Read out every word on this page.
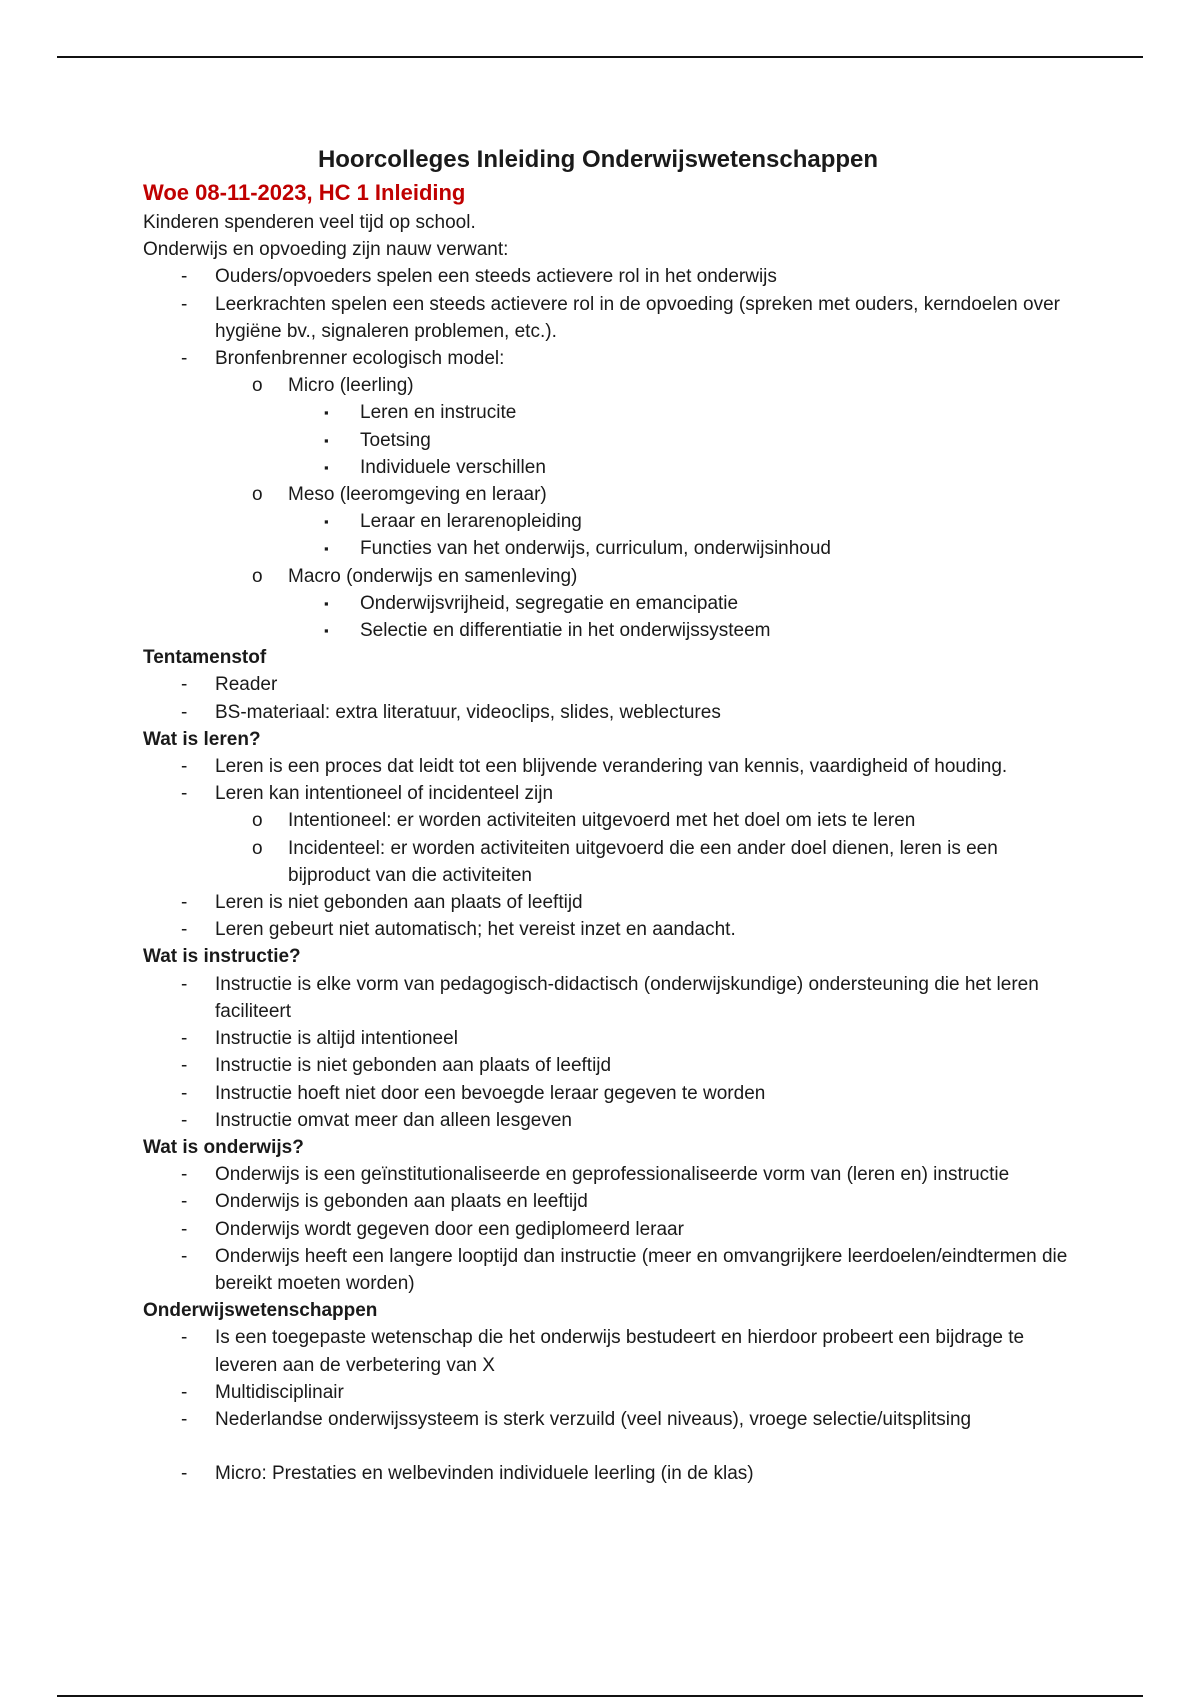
Hoorcolleges Inleiding Onderwijswetenschappen
Woe 08-11-2023, HC 1 Inleiding

Kinderen spenderen veel tijd op school.

Onderwijs en opvoeding zijn nauw verwant:

- Ouders/opvoeders spelen een steeds actievere rol in het onderwijs
- Leerkrachten spelen een steeds actievere rol in de opvoeding (spreken met ouders, kerndoelen over hygiëne bv., signaleren problemen, etc.).
- Bronfenbrenner ecologisch model:
o Micro (leerling)
▪ Leren en instrucite
▪ Toetsing
▪ Individuele verschillen
o Meso (leeromgeving en leraar)
▪ Leraar en lerarenopleiding
▪ Functies van het onderwijs, curriculum, onderwijsinhoud
o Macro (onderwijs en samenleving)
▪ Onderwijsvrijheid, segregatie en emancipatie
▪ Selectie en differentiatie in het onderwijssysteem
Tentamenstof
- Reader
- BS-materiaal: extra literatuur, videoclips, slides, weblectures
Wat is leren?
- Leren is een proces dat leidt tot een blijvende verandering van kennis, vaardigheid of houding.
- Leren kan intentioneel of incidenteel zijn
o Intentioneel: er worden activiteiten uitgevoerd met het doel om iets te leren
o Incidenteel: er worden activiteiten uitgevoerd die een ander doel dienen, leren is een bijproduct van die activiteiten
- Leren is niet gebonden aan plaats of leeftijd
- Leren gebeurt niet automatisch; het vereist inzet en aandacht.
Wat is instructie?
- Instructie is elke vorm van pedagogisch-didactisch (onderwijskundige) ondersteuning die het leren faciliteert
- Instructie is altijd intentioneel
- Instructie is niet gebonden aan plaats of leeftijd
- Instructie hoeft niet door een bevoegde leraar gegeven te worden
- Instructie omvat meer dan alleen lesgeven
Wat is onderwijs?
- Onderwijs is een geïnstitutionaliseerde en geprofessionaliseerde vorm van (leren en) instructie
- Onderwijs is gebonden aan plaats en leeftijd
- Onderwijs wordt gegeven door een gediplomeerd leraar
- Onderwijs heeft een langere looptijd dan instructie (meer en omvangrijkere leerdoelen/eindtermen die bereikt moeten worden)
Onderwijswetenschappen
- Is een toegepaste wetenschap die het onderwijs bestudeert en hierdoor probeert een bijdrage te leveren aan de verbetering van X
- Multidisciplinair
- Nederlandse onderwijssysteem is sterk verzuild (veel niveaus), vroege selectie/uitsplitsing
- Micro: Prestaties en welbevinden individuele leerling (in de klas)
